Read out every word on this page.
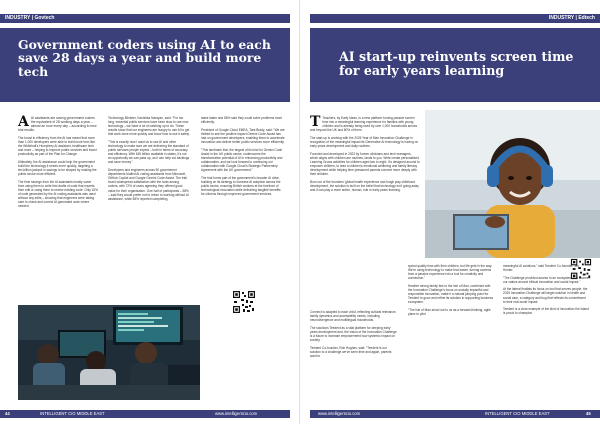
INDUSTRY | Govtech
Government coders using AI to each save 28 days a year and build more tech

AAI assistants are saving government coders the equivalent of 28 working days a year – almost an hour every day – according to new trial results.

The boost in efficiency from the AI has meant that more than 1,000 developers were able to build more tech like the Whitehall's Humphrey AI assistant, healthcare tech and more – helping to improve public services and boost productivity as part of the Plan for Change.

Ultimately, the AI assistance could help the government build the technology it needs more quickly, targeting a ten-billion jackpot in savings to be shaped by making the public sector more efficient.

The time savings from the AI assistants mostly came from using them to write first drafts of code that experts then edit or using them to review existing code. Only 15% of code generated by the AI coding assistants was used without any edits – showing that engineers were taking care to check and correct AI-generated code where needed.

Technology Minister, Kanishka Narayan, said: "For too long, essential public services have been slow to use new technology – we have a lot of catching up to do. These results show that our engineers are hungry to use AI to get that work done more quickly and know how to use it safely.

"This is exactly how I want us to use AI and other technology to make sure we are delivering the standard of public services people expect – both in terms of accuracy and efficiency. With £45 billion available in states, it's not an opportunity we can pass up, as it can help cut backlogs and save money."

Developers and engineers across 50 government departments trialled AI coding assistants from Microsoft, GitHub Copilot and Google Gemini Code Assist. The trial found widespread satisfaction with the tools among coders, with 72% of users agreeing they offered good value for their organisation. One half of participants – 58% – said they would prefer not to return to working without AI assistance, while 65% reported completing

tasks faster and 56% said they could solve problems more efficiently.

President of Google Cloud EMEA, Tara Brady, said: "We are thrilled to see the positive impact Gemini Code Assist has had on government developers, enabling them to accelerate innovation and deliver better public services more efficiently.

"This landmark trial, the largest of its kind for Gemini Code Assist in the UK public sector, underscores the transformative potential of AI in enhancing productivity and collaboration, and we look forward to continuing our collaboration with Google Cloud's Strategic Partnership Agreement with the UK government."

The trial forms part of the government's broader AI drive, building on its strategy to increase AI adoption across the public sector, ensuring British workers at the forefront of technological innovation while delivering tangible benefits for citizens through improved government services.

44	INTELLIGENT CIO MIDDLE EAST	www.intelligentcio.com
INDUSTRY | Edtech
AI start-up reinvents screen time for early years learning

T Teachers, by Early Ideas, is a new platform turning passive screen time into a meaningful learning experience for families with young children and is already being used by over 1,000 households across and beyond the UK and 80% of them.

The start-up is working with the 2025 Year of Man Innovation Challenge in recognition of the meaningful impact its Generative AI technology is having on early years development and daily routines.

Founded and developed in 2023 by former clinicians and tech managers, which aligns with children are routines, lands to you. Write create personalised Learning Grows activities for children aged two to eight. It's designed around to empower children, to lead a children's emotional wellbeing and family literacy development while helping time-pressured parents connect more deeply with their children.

Born out of the founders' global health experience and tough play childhood development, the solution is built on the belief that technology isn't going away and it can play a more active, human, role in early years learning.

Connect is adapted to each child, reflecting cultural relevance, family dynamics and accessibility needs, including neurodivergence and multilingual households.

The solutions Teedent as a vital platform for deeping early years development and, the vision of the Innovation Challenge is a future to increase empowerment how systemic impact on society.

Teedent Co-founder, Rob Hughes, said: "Teedent is our solution to a challenge we've seen time and again, parents want to

spend quality time with their children, but life gets in the way. We're using technology to make that easier, turning screens from a passive experience into a tool for creativity and connection."

Heather strong family ties to the Isle of Man, combined with the Innovation Challenge's focus on socially impactful and responsible innovation, make it a natural jumping point for Teedent to grow and refine its solution in supporting business ecosystem.

"The Isle of Man stood out to us as a forward-thinking, agile place to pilot

meaningful AI solutions," said Teedent Co-founder, Jen Hunter.

"The Challenge provided access to an ecosystem that shares our values around ethical innovation and social impact."

At the lateral finalists its focus on tool that serves people, the 2025 Innovation Challenge will target solution in health and social care, a category and bug that reflects its commitment to their real-world impact.

Teedent is a clear example of the kind of innovation the Island is proud to champion.

www.intelligentcio.com	INTELLIGENT CIO MIDDLE EAST	45
